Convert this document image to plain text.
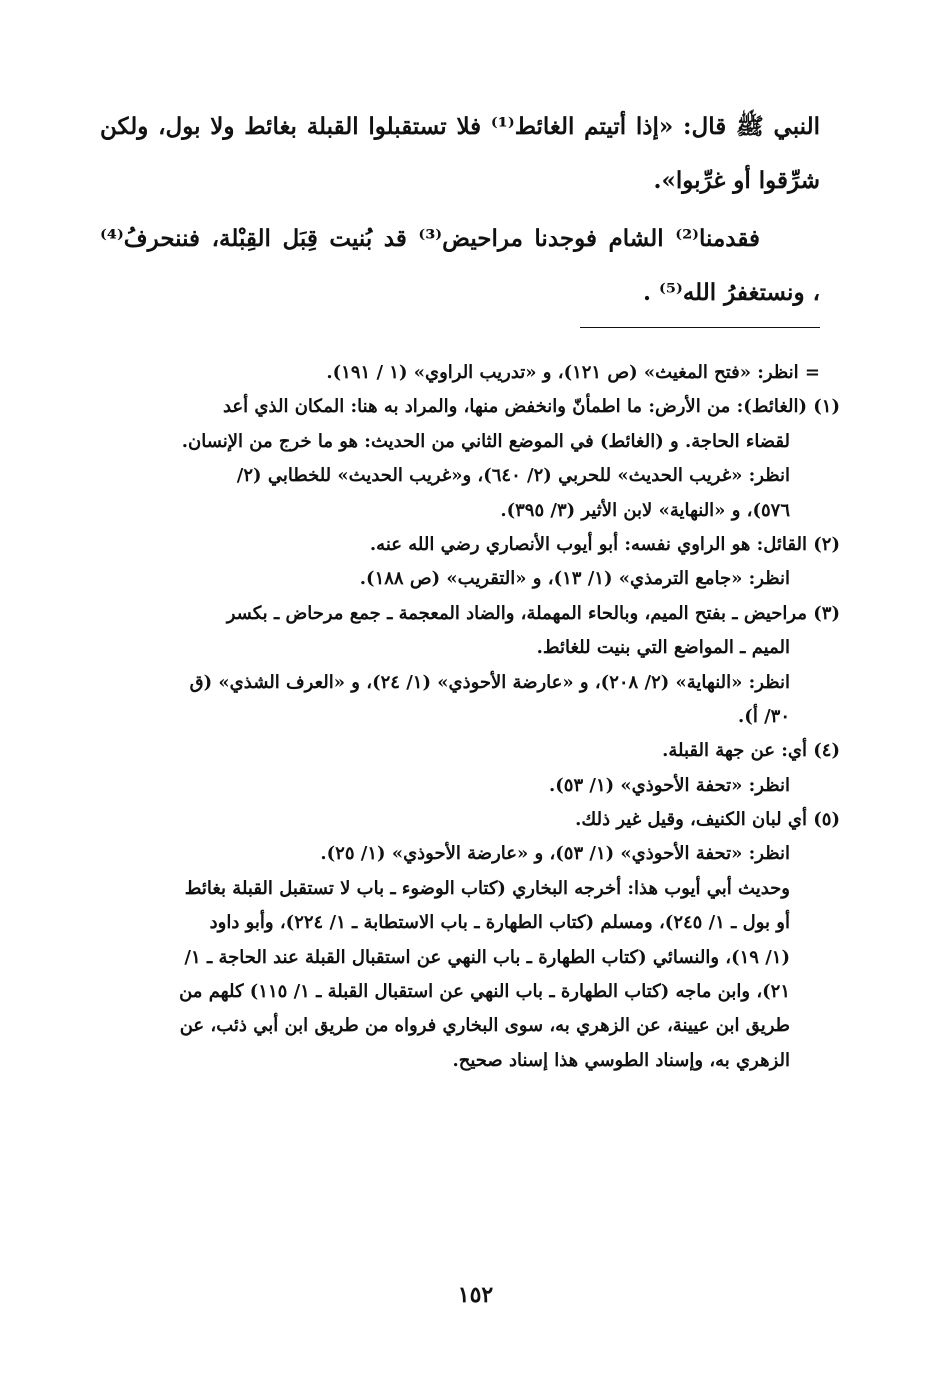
النبي ﷺ قال: «إذا أتيتم الغائط⁽¹⁾ فلا تستقبلوا القبلة بغائط ولا بول، ولكن
شرِّقوا أو غرِّبوا».
فقدمنا⁽²⁾ الشام فوجدنا مراحيض⁽³⁾ قد بُنيت قِبَل القِبْلة، فننحرفُ⁽⁴⁾
، ونستغفرُ الله⁽⁵⁾ .
= انظر: «فتح المغيث» (ص ١٢١)، و «تدريب الراوي» (١ / ١٩١).
(١) (الغائط): من الأرض: ما اطمأنّ وانخفض منها، والمراد به هنا: المكان الذي أعد
لقضاء الحاجة. و (الغائط) في الموضع الثاني من الحديث: هو ما خرج من الإنسان.
انظر: «غريب الحديث» للحربي (٢/ ٦٤٠)، و«غريب الحديث» للخطابي (٢/
٥٧٦)، و «النهاية» لابن الأثير (٣/ ٣٩٥).
(٢) القائل: هو الراوي نفسه: أبو أيوب الأنصاري رضي الله عنه.
انظر: «جامع الترمذي» (١/ ١٣)، و «التقريب» (ص ١٨٨).
(٣) مراحيض ـ بفتح الميم، وبالحاء المهملة، والضاد المعجمة ـ جمع مرحاض ـ بكسر
الميم ـ المواضع التي بنيت للغائط.
انظر: «النهاية» (٢/ ٢٠٨)، و «عارضة الأحوذي» (١/ ٢٤)، و «العرف الشذي» (ق
٣٠/ أ).
(٤) أي: عن جهة القبلة.
انظر: «تحفة الأحوذي» (١/ ٥٣).
(٥) أي لبان الكنيف، وقيل غير ذلك.
انظر: «تحفة الأحوذي» (١/ ٥٣)، و «عارضة الأحوذي» (١/ ٢٥).
وحديث أبي أيوب هذا: أخرجه البخاري (كتاب الوضوء ـ باب لا تستقبل القبلة بغائط
أو بول ـ ١/ ٢٤٥)، ومسلم (كتاب الطهارة ـ باب الاستطابة ـ ١/ ٢٢٤)، وأبو داود
(١/ ١٩)، والنسائي (كتاب الطهارة ـ باب النهي عن استقبال القبلة عند الحاجة ـ ١/
٢١)، وابن ماجه (كتاب الطهارة ـ باب النهي عن استقبال القبلة ـ ١/ ١١٥) كلهم من
طريق ابن عيينة، عن الزهري به، سوى البخاري فرواه من طريق ابن أبي ذئب، عن
الزهري به، وإسناد الطوسي هذا إسناد صحيح.
١٥٢
